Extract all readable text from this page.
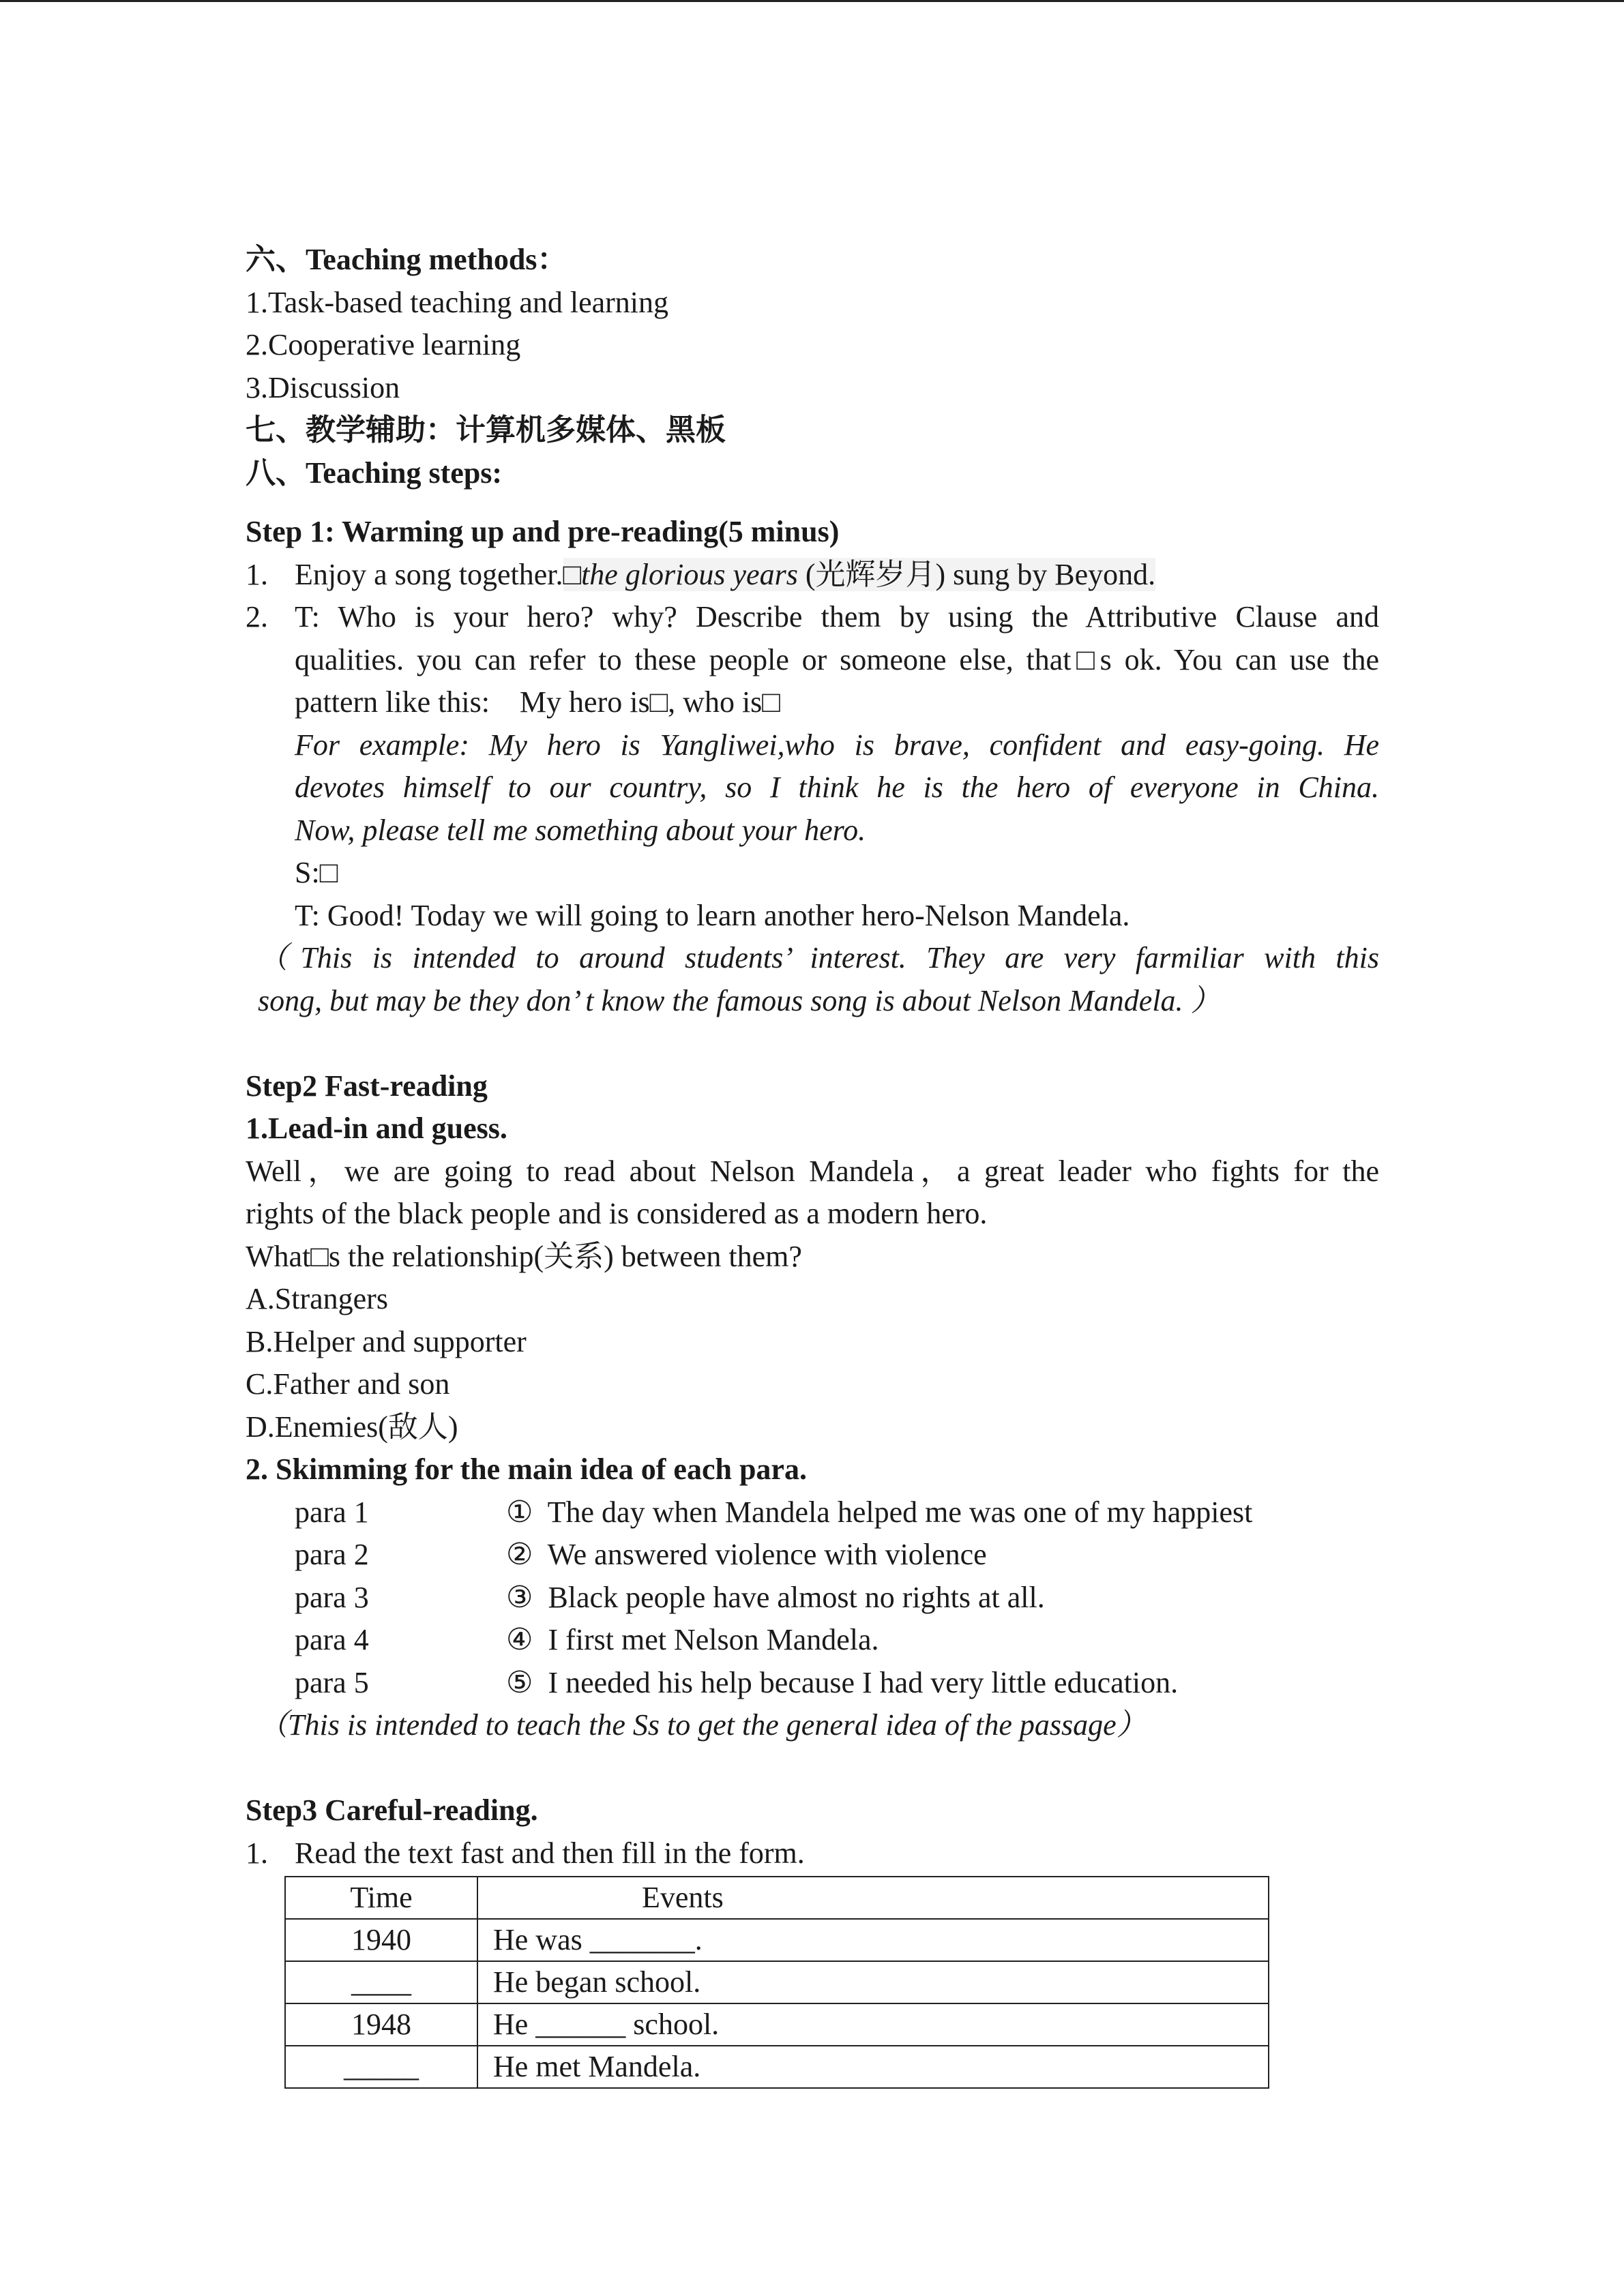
六、Teaching methods：
1.Task-based teaching and learning
2.Cooperative learning
3.Discussion
七、教学辅助：计算机多媒体、黑板
八、Teaching steps:
Step 1: Warming up and pre-reading(5 minus)
1. Enjoy a song together.□the glorious years (光辉岁月) sung by Beyond.
2. T: Who is your hero? why? Describe them by using the Attributive Clause and
qualities. you can refer to these people or someone else, that□s ok. You can use the
pattern like this:    My hero is□, who is□
For example: My hero is Yangliwei,who is brave, confident and easy-going. He
devotes himself to our country, so I think he is the hero of everyone in China.
Now, please tell me something about your hero.
S:□
T: Good! Today we will going to learn another hero-Nelson Mandela.
（This is intended to around students’ interest. They are very farmiliar with this
song, but may be they don’ t know the famous song is about Nelson Mandela. ）
Step2 Fast-reading
1.Lead-in and guess.
Well，we are going to read about Nelson Mandela，a great leader who fights for the
rights of the black people and is considered as a modern hero.
What□s the relationship(关系) between them?
A.Strangers
B.Helper and supporter
C.Father and son
D.Enemies(敌人)
2. Skimming for the main idea of each para.
para 1	①  The day when Mandela helped me was one of my happiest
para 2	②  We answered violence with violence
para 3	③  Black people have almost no rights at all.
para 4	④  I first met Nelson Mandela.
para 5	⑤  I needed his help because I had very little education.
（This is intended to teach the Ss to get the general idea of the passage）
Step3 Careful-reading.
1. Read the text fast and then fill in the form.
Time	Events
1940	He was _______.
____	He began school.
1948	He ______ school.
_____	He met Mandela.
